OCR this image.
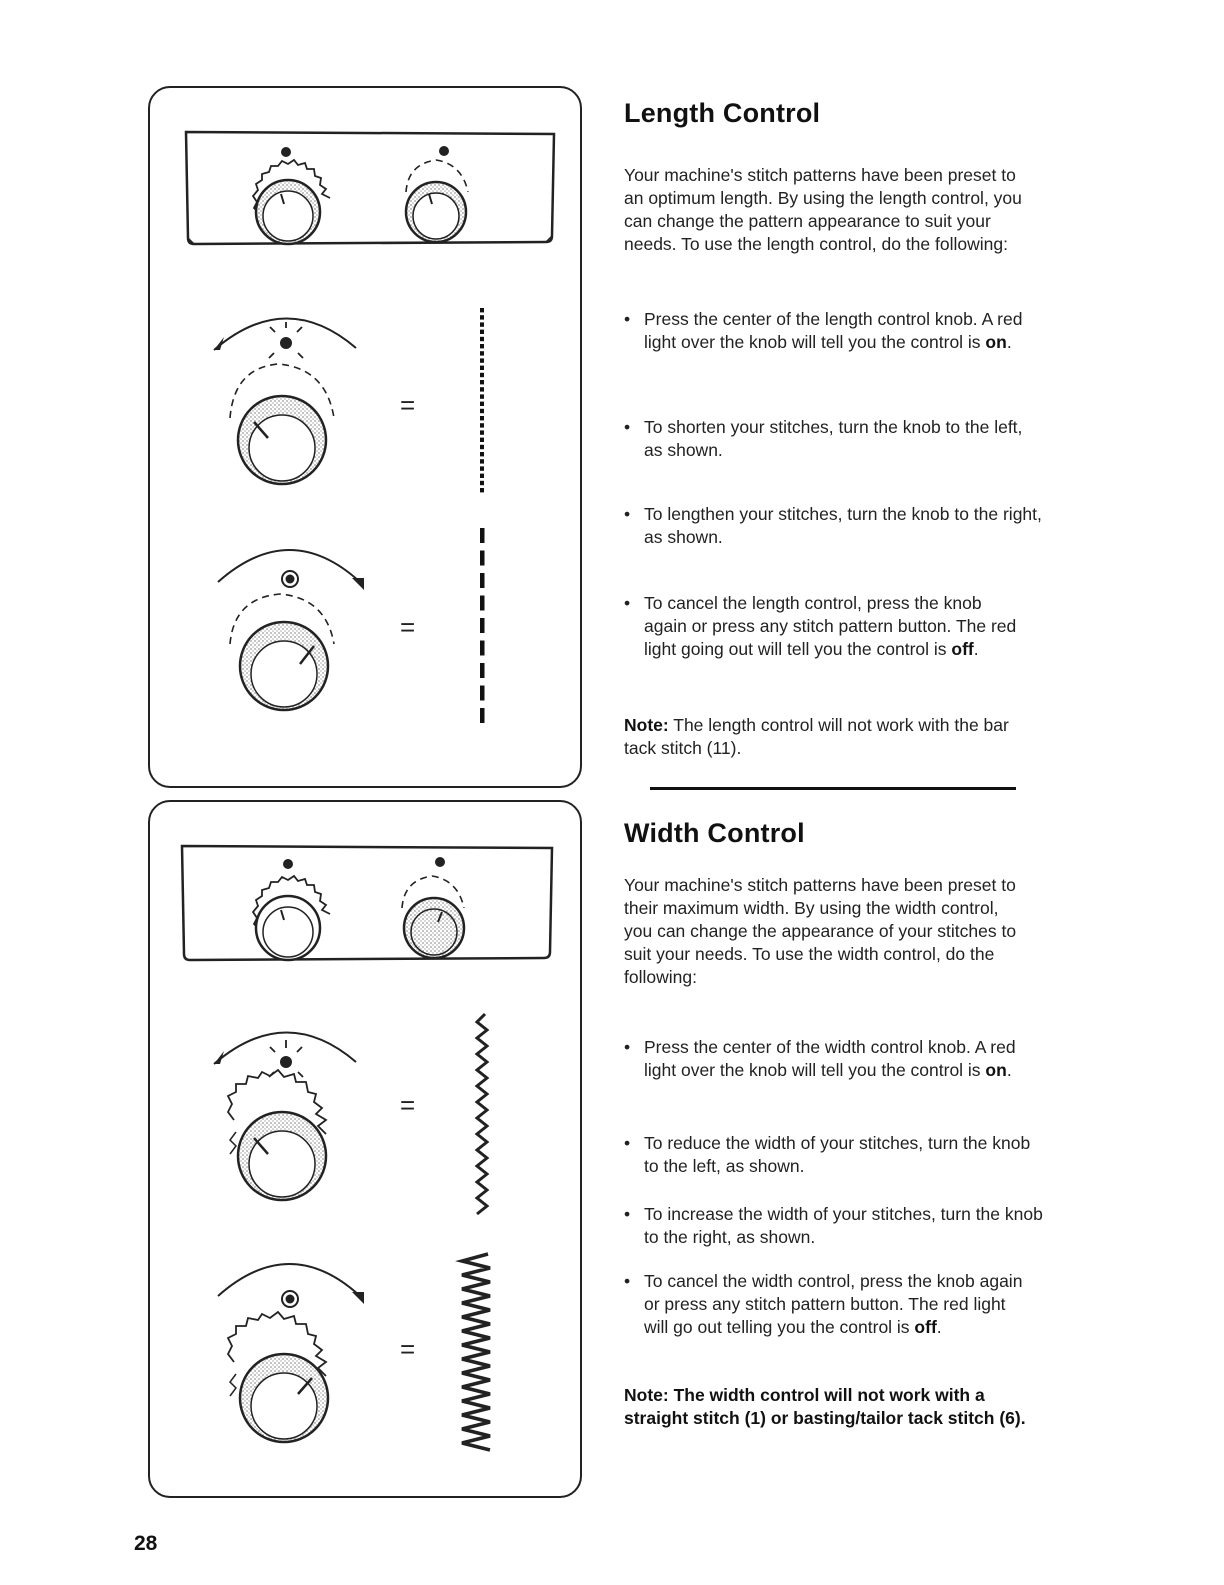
=
=
=
=
Length Control

Your machine's stitch patterns have been preset to an optimum length. By using the length control, you can change the pattern appearance to suit your needs. To use the length control, do the following:

• Press the center of the length control knob. A red light over the knob will tell you the control is on.
• To shorten your stitches, turn the knob to the left, as shown.
• To lengthen your stitches, turn the knob to the right, as shown.
• To cancel the length control, press the knob again or press any stitch pattern button. The red light going out will tell you the control is off.
Note: The length control will not work with the bar tack stitch (11).
Width Control

Your machine's stitch patterns have been preset to their maximum width. By using the width control, you can change the appearance of your stitches to suit your needs. To use the width control, do the following:

• Press the center of the width control knob. A red light over the knob will tell you the control is on.
• To reduce the width of your stitches, turn the knob to the left, as shown.
• To increase the width of your stitches, turn the knob to the right, as shown.
• To cancel the width control, press the knob again or press any stitch pattern button. The red light will go out telling you the control is off.
Note: The width control will not work with a straight stitch (1) or basting/tailor tack stitch (6).
28
